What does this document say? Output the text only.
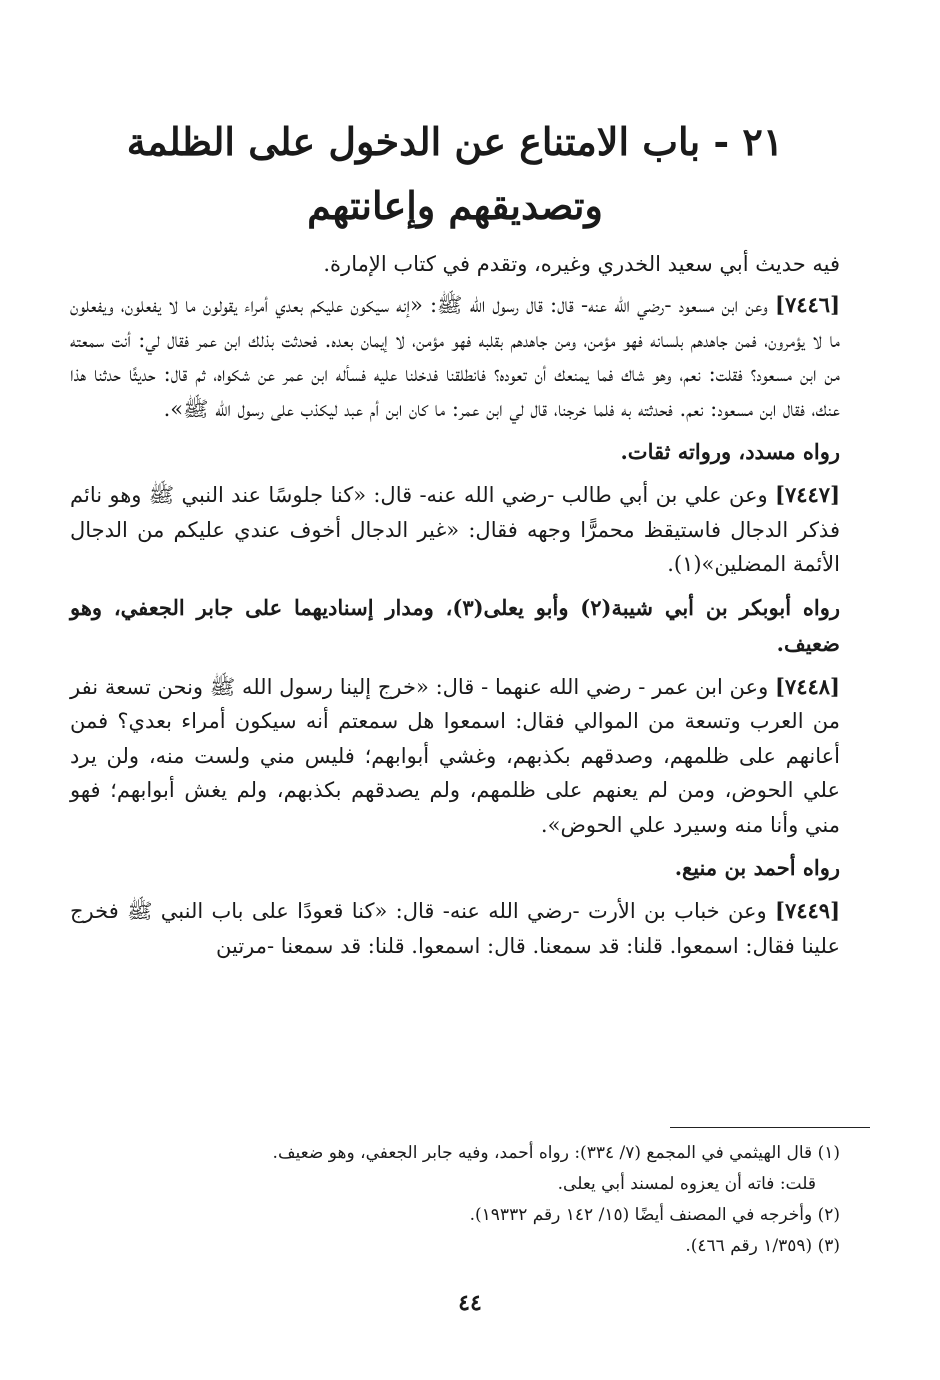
٢١ - باب الامتناع عن الدخول على الظلمة
وتصديقهم وإعانتهم

فيه حديث أبي سعيد الخدري وغيره، وتقدم في كتاب الإمارة.

[٧٤٤٦] وعن ابن مسعود -رضي الله عنه- قال: قال رسول الله ﷺ: «إنه سيكون عليكم بعدي أمراء يقولون ما لا يفعلون، ويفعلون ما لا يؤمرون، فمن جاهدهم بلسانه فهو مؤمن، ومن جاهدهم بقلبه فهو مؤمن، لا إيمان بعده. فحدثت بذلك ابن عمر فقال لي: أنت سمعته من ابن مسعود؟ فقلت: نعم، وهو شاك فما يمنعك أن تعوده؟ فانطلقنا فدخلنا عليه فسأله ابن عمر عن شكواه، ثم قال: حديثًا حدثنا هذا عنك، فقال ابن مسعود: نعم. فحدثته به فلما خرجنا، قال لي ابن عمر: ما كان ابن أم عبد ليكذب على رسول الله ﷺ».

رواه مسدد، ورواته ثقات.

[٧٤٤٧] وعن علي بن أبي طالب -رضي الله عنه- قال: «كنا جلوسًا عند النبي ﷺ وهو نائم فذكر الدجال فاستيقظ محمرًّا وجهه فقال: «غير الدجال أخوف عندي عليكم من الدجال الأئمة المضلين»(١).

رواه أبوبكر بن أبي شيبة(٢) وأبو يعلى(٣)، ومدار إسناديهما على جابر الجعفي، وهو ضعيف.

[٧٤٤٨] وعن ابن عمر - رضي الله عنهما - قال: «خرج إلينا رسول الله ﷺ ونحن تسعة نفر من العرب وتسعة من الموالي فقال: اسمعوا هل سمعتم أنه سيكون أمراء بعدي؟ فمن أعانهم على ظلمهم، وصدقهم بكذبهم، وغشي أبوابهم؛ فليس مني ولست منه، ولن يرد علي الحوض، ومن لم يعنهم على ظلمهم، ولم يصدقهم بكذبهم، ولم يغش أبوابهم؛ فهو مني وأنا منه وسيرد علي الحوض».

رواه أحمد بن منيع.

[٧٤٤٩] وعن خباب بن الأرت -رضي الله عنه- قال: «كنا قعودًا على باب النبي ﷺ فخرج علينا فقال: اسمعوا. قلنا: قد سمعنا. قال: اسمعوا. قلنا: قد سمعنا -مرتين

(١) قال الهيثمي في المجمع (٧/ ٣٣٤): رواه أحمد، وفيه جابر الجعفي، وهو ضعيف.

قلت: فاته أن يعزوه لمسند أبي يعلى.

(٢) وأخرجه في المصنف أيضًا (١٥/ ١٤٢ رقم ١٩٣٣٢).

(٣) (١/٣٥٩ رقم ٤٦٦).

٤٤
